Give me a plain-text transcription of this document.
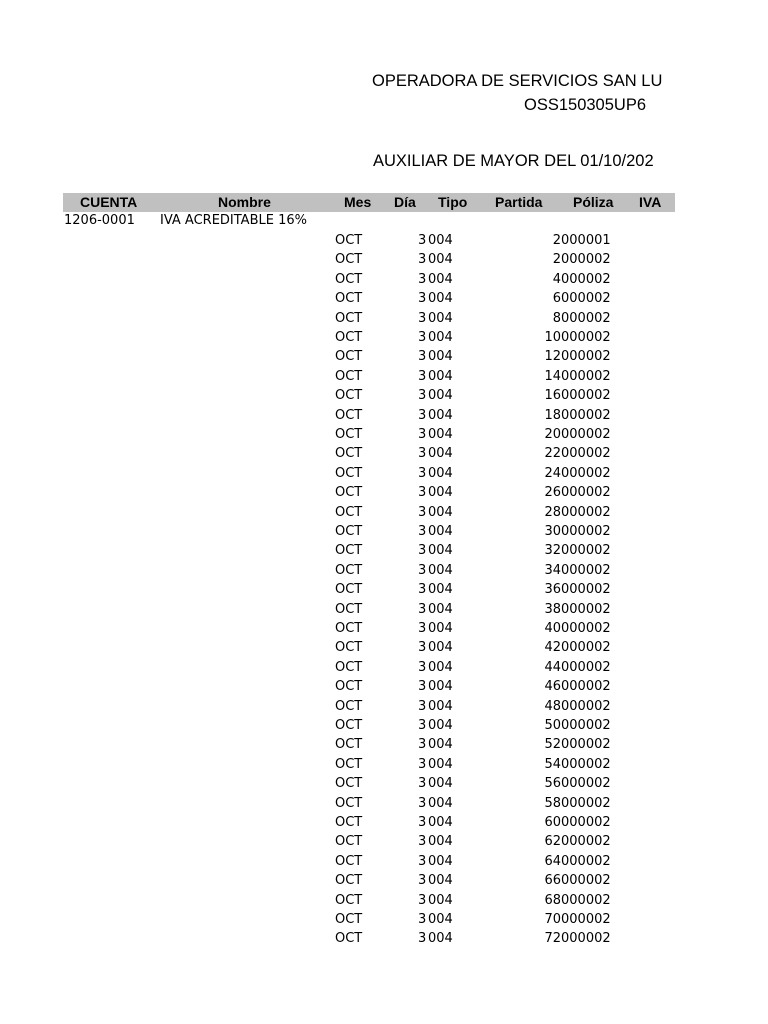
OPERADORA DE SERVICIOS SAN LU
OSS150305UP6
AUXILIAR DE MAYOR DEL 01/10/202
CUENTA	Nombre	Mes Día Tipo Partida Póliza IVA
1206-0001 IVA ACREDITABLE 16%
OCT	3 004	2 000001
OCT	3 004	2 000002
OCT	3 004	4 000002
OCT	3 004	6 000002
OCT	3 004	8 000002
OCT	3 004	10 000002
OCT	3 004	12 000002
OCT	3 004	14 000002
OCT	3 004	16 000002
OCT	3 004	18 000002
OCT	3 004	20 000002
OCT	3 004	22 000002
OCT	3 004	24 000002
OCT	3 004	26 000002
OCT	3 004	28 000002
OCT	3 004	30 000002
OCT	3 004	32 000002
OCT	3 004	34 000002
OCT	3 004	36 000002
OCT	3 004	38 000002
OCT	3 004	40 000002
OCT	3 004	42 000002
OCT	3 004	44 000002
OCT	3 004	46 000002
OCT	3 004	48 000002
OCT	3 004	50 000002
OCT	3 004	52 000002
OCT	3 004	54 000002
OCT	3 004	56 000002
OCT	3 004	58 000002
OCT	3 004	60 000002
OCT	3 004	62 000002
OCT	3 004	64 000002
OCT	3 004	66 000002
OCT	3 004	68 000002
OCT	3 004	70 000002
OCT	3 004	72 000002
